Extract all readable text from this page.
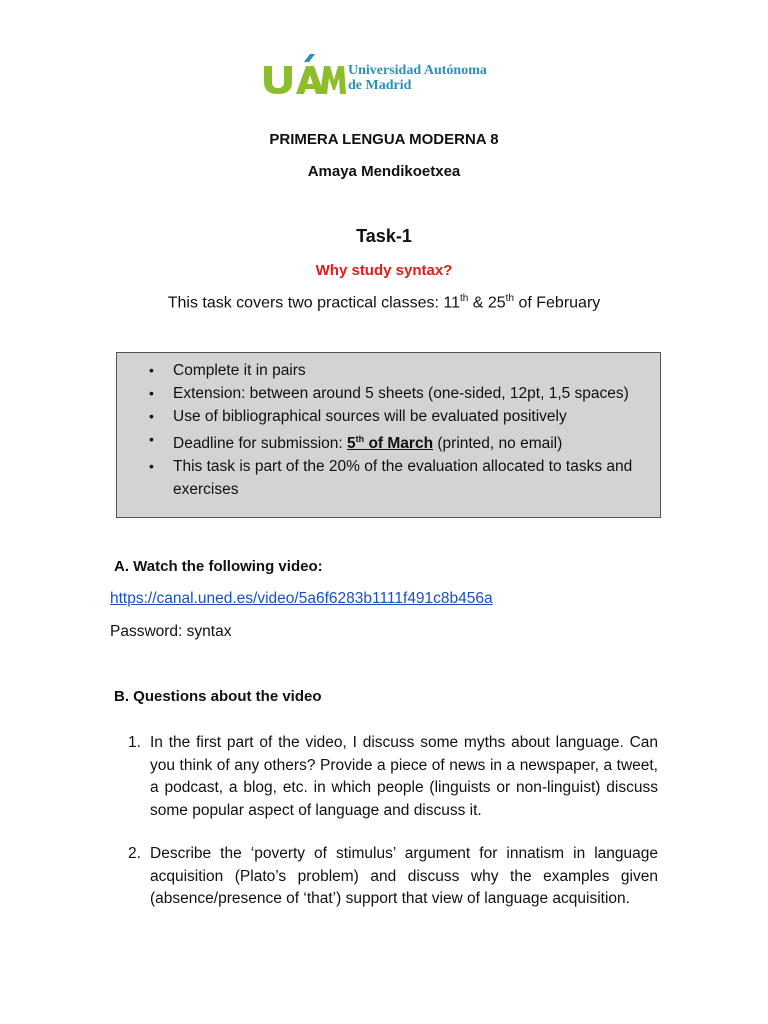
Universidad Autónoma
de Madrid
PRIMERA LENGUA MODERNA 8
Amaya Mendikoetxea
Task-1
Why study syntax?
This task covers two practical classes: 11th & 25th of February
• Complete it in pairs
• Extension: between around 5 sheets (one-sided, 12pt, 1,5 spaces)
• Use of bibliographical sources will be evaluated positively
• Deadline for submission: 5th of March (printed, no email)
• This task is part of the 20% of the evaluation allocated to tasks and exercises
A. Watch the following video:
https://canal.uned.es/video/5a6f6283b1111f491c8b456a
Password: syntax
B. Questions about the video
1. In the first part of the video, I discuss some myths about language. Can you think of any others? Provide a piece of news in a newspaper, a tweet, a podcast, a blog, etc. in which people (linguists or non-linguist) discuss some popular aspect of language and discuss it.
2. Describe the ‘poverty of stimulus’ argument for innatism in language acquisition (Plato’s problem) and discuss why the examples given (absence/presence of ‘that’) support that view of language acquisition.
